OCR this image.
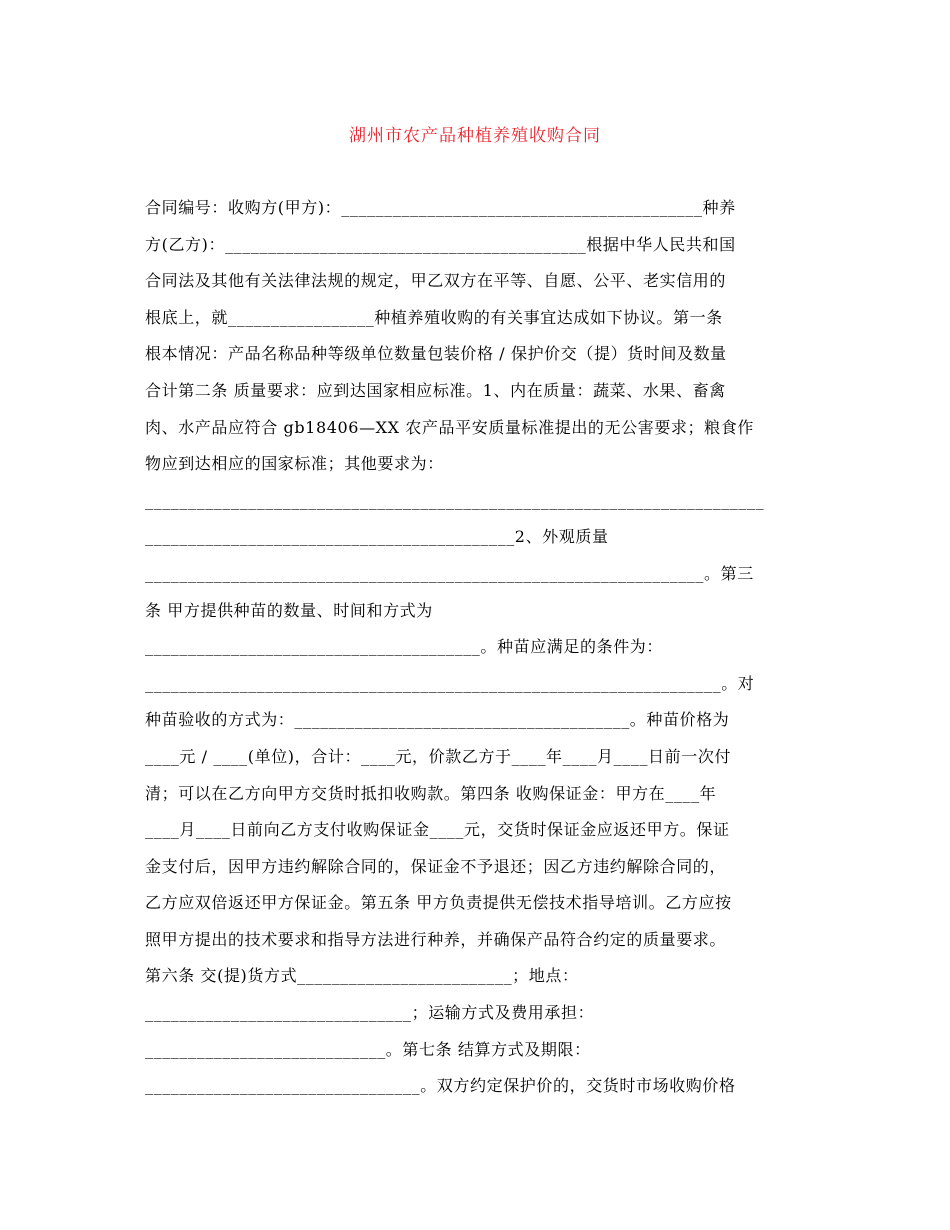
湖州市农产品种植养殖收购合同
合同编号：收购方(甲方)：__________________________________________种养
方(乙方)：__________________________________________根据中华人民共和国
合同法及其他有关法律法规的规定，甲乙双方在平等、自愿、公平、老实信用的
根底上，就_________________种植养殖收购的有关事宜达成如下协议。第一条
根本情况：产品名称品种等级单位数量包装价格 / 保护价交（提）货时间及数量
合计第二条 质量要求：应到达国家相应标准。1、内在质量：蔬菜、水果、畜禽
肉、水产品应符合 gb18406—XX 农产品平安质量标准提出的无公害要求；粮食作
物应到达相应的国家标准；其他要求为：
________________________________________________________________________
___________________________________________2、外观质量
_________________________________________________________________。第三
条 甲方提供种苗的数量、时间和方式为
_______________________________________。种苗应满足的条件为：
___________________________________________________________________。对
种苗验收的方式为：_______________________________________。种苗价格为
____元 / ____(单位)，合计：____元，价款乙方于____年____月____日前一次付
清；可以在乙方向甲方交货时抵扣收购款。第四条 收购保证金：甲方在____年
____月____日前向乙方支付收购保证金____元，交货时保证金应返还甲方。保证
金支付后，因甲方违约解除合同的，保证金不予退还；因乙方违约解除合同的，
乙方应双倍返还甲方保证金。第五条 甲方负责提供无偿技术指导培训。乙方应按
照甲方提出的技术要求和指导方法进行种养，并确保产品符合约定的质量要求。
第六条 交(提)货方式_________________________；地点：
_______________________________；运输方式及费用承担：
____________________________。第七条 结算方式及期限：
________________________________。双方约定保护价的，交货时市场收购价格
